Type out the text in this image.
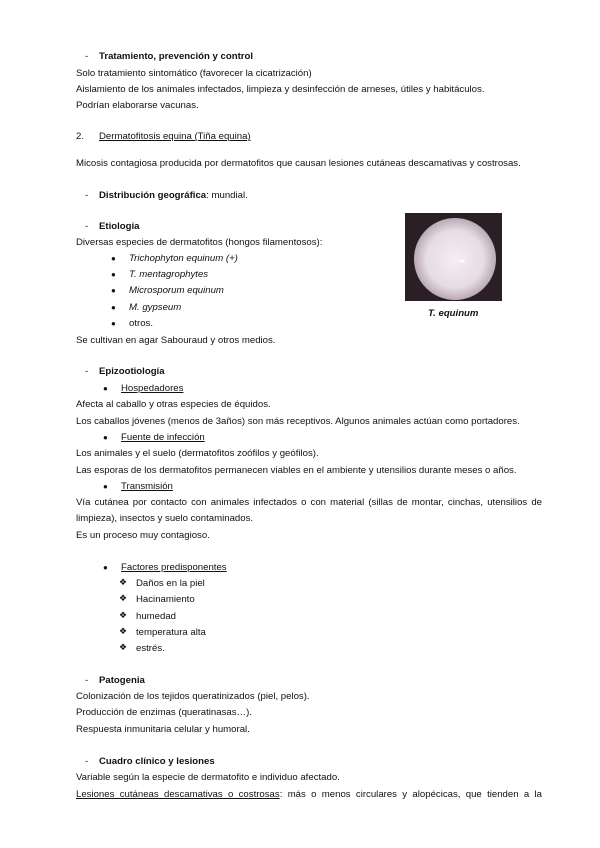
- Tratamiento, prevención y control
Solo tratamiento sintomático (favorecer la cicatrización)
Aislamiento de los animales infectados, limpieza y desinfección de arneses, útiles y habitáculos.
Podrían elaborarse vacunas.
2. Dermatofitosis equina (Tiña equina)
Micosis contagiosa producida por dermatofitos que causan lesiones cutáneas descamativas y costrosas.
- Distribución geográfica: mundial.
- Etiología
Diversas especies de dermatofitos (hongos filamentosos):
● Trichophyton equinum (+)
● T. mentagrophytes
● Microsporum equinum
● M. gypseum
● otros.
Se cultivan en agar Sabouraud y otros medios.
T. equinum
- Epizootiología
● Hospedadores
Afecta al caballo y otras especies de équidos.
Los caballos jóvenes (menos de 3años) son más receptivos. Algunos animales actúan como portadores.
● Fuente de infección
Los animales y el suelo (dermatofitos zoófilos y geófilos).
Las esporas de los dermatofitos permanecen viables en el ambiente y utensilios durante meses o años.
● Transmisión
Vía cutánea por contacto con animales infectados o con material (sillas de montar, cinchas, utensilios de
limpieza), insectos y suelo contaminados.
Es un proceso muy contagioso.
● Factores predisponentes
❖ Daños en la piel
❖ Hacinamiento
❖ humedad
❖ temperatura alta
❖ estrés.
- Patogenia
Colonización de los tejidos queratinizados (piel, pelos).
Producción de enzimas (queratinasas…).
Respuesta inmunitaria celular y humoral.
- Cuadro clínico y lesiones
Variable según la especie de dermatofito e individuo afectado.
Lesiones cutáneas descamativas o costrosas: más o menos circulares y alopécicas, que tienden a la
